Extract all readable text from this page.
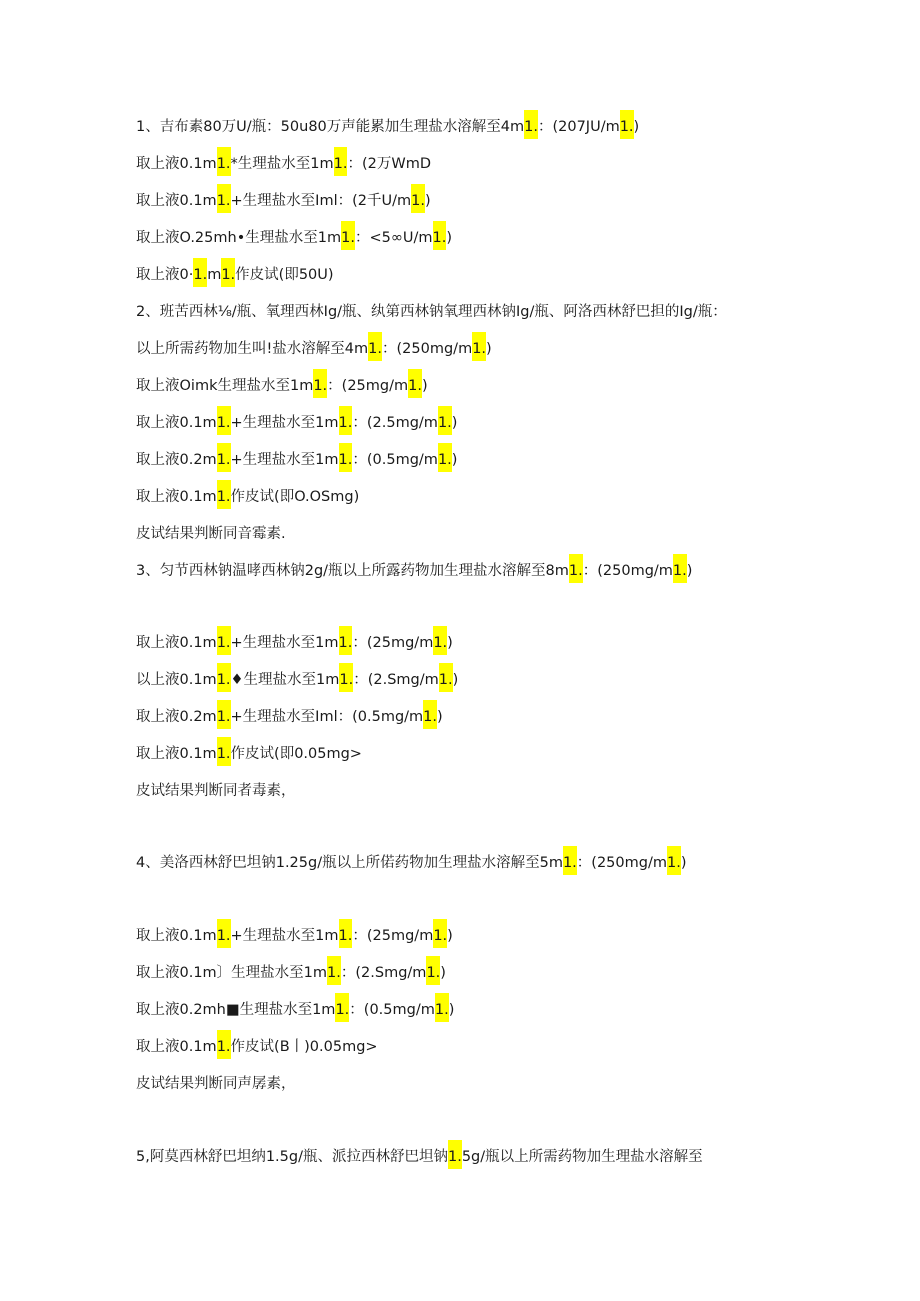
1、吉布素80万U/瓶：50u80万声能累加生理盐水溶解至4m1.：(207JU/m1.)
取上液0.1m1.*生理盐水至1m1.：(2万WmD
取上液0.1m1.+生理盐水至Iml：(2千U/m1.)
取上液O.25mh•生理盐水至1m1.：<5∞U/m1.)
取上液0·1.m1.作皮试(即50U)
2、班苦西林⅛/瓶、氧理西林Ig/瓶、纨第西林钠氧理西林钠Ig/瓶、阿洛西林舒巴担的Ig/瓶：
以上所需药物加生叫!盐水溶解至4m1.：(250mg/m1.)
取上液Oimk生理盐水至1m1.：(25mg/m1.)
取上液0.1m1.+生理盐水至1m1.：(2.5mg/m1.)
取上液0.2m1.+生理盐水至1m1.：(0.5mg/m1.)
取上液0.1m1.作皮试(即O.OSmg)
皮试结果判断同音霉素.
3、匀节西林钠温哮西林钠2g/瓶以上所露药物加生理盐水溶解至8m1.：(250mg/m1.)
取上液0.1m1.+生理盐水至1m1.：(25mg/m1.)
以上液0.1m1.♦生理盐水至1m1.：(2.Smg/m1.)
取上液0.2m1.+生理盐水至Iml：(0.5mg/m1.)
取上液0.1m1.作皮试(即0.05mg>
皮试结果判断同者毒素，
4、美洛西林舒巴坦钠1.25g/瓶以上所偌药物加生理盐水溶解至5m1.：(250mg/m1.)
取上液0.1m1.+生理盐水至1m1.：(25mg/m1.)
取上液0.1m〕生理盐水至1m1.：(2.Smg/m1.)
取上液0.2mh■生理盐水至1m1.：(0.5mg/m1.)
取上液0.1m1.作皮试(B丨)0.05mg>
皮试结果判断同声孱素，
5,阿莫西林舒巴坦纳1.5g/瓶、派拉西林舒巴坦钠1.5g/瓶以上所需药物加生理盐水溶解至
